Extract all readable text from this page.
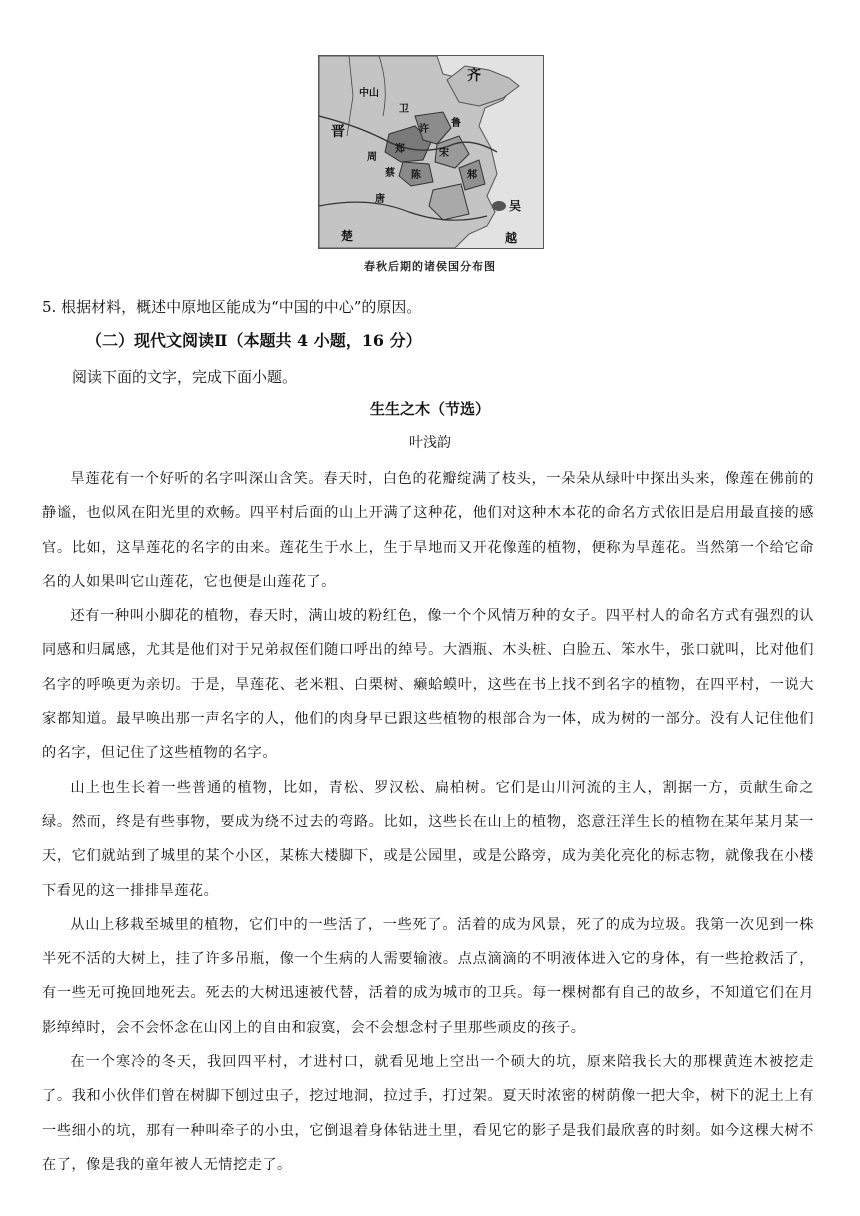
中山
齐
晋
鲁
郑	宋
陈
蔡
周
卫
许
唐
邾
吴
楚	越
春秋后期的诸侯国分布图
5. 根据材料，概述中原地区能成为“中国的中心”的原因。
（二）现代文阅读Ⅱ（本题共 4 小题，16 分）
阅读下面的文字，完成下面小题。
生生之木（节选）
叶浅韵

旱莲花有一个好听的名字叫深山含笑。春天时，白色的花瓣绽满了枝头，一朵朵从绿叶中探出头来，像莲在佛前的静谧，也似风在阳光里的欢畅。四平村后面的山上开满了这种花，他们对这种木本花的命名方式依旧是启用最直接的感官。比如，这旱莲花的名字的由来。莲花生于水上，生于旱地而又开花像莲的植物，便称为旱莲花。当然第一个给它命名的人如果叫它山莲花，它也便是山莲花了。

还有一种叫小脚花的植物，春天时，满山坡的粉红色，像一个个风情万种的女子。四平村人的命名方式有强烈的认同感和归属感，尤其是他们对于兄弟叔侄们随口呼出的绰号。大酒瓶、木头桩、白脸五、笨水牛，张口就叫，比对他们名字的呼唤更为亲切。于是，旱莲花、老米粗、白栗树、癞蛤蟆叶，这些在书上找不到名字的植物，在四平村，一说大家都知道。最早唤出那一声名字的人，他们的肉身早已跟这些植物的根部合为一体，成为树的一部分。没有人记住他们的名字，但记住了这些植物的名字。

山上也生长着一些普通的植物，比如，青松、罗汉松、扁柏树。它们是山川河流的主人，割据一方，贡献生命之绿。然而，终是有些事物，要成为绕不过去的弯路。比如，这些长在山上的植物，恣意汪洋生长的植物在某年某月某一天，它们就站到了城里的某个小区，某栋大楼脚下，或是公园里，或是公路旁，成为美化亮化的标志物，就像我在小楼下看见的这一排排旱莲花。

从山上移栽至城里的植物，它们中的一些活了，一些死了。活着的成为风景，死了的成为垃圾。我第一次见到一株半死不活的大树上，挂了许多吊瓶，像一个生病的人需要输液。点点滴滴的不明液体进入它的身体，有一些抢救活了，有一些无可挽回地死去。死去的大树迅速被代替，活着的成为城市的卫兵。每一棵树都有自己的故乡，不知道它们在月影绰绰时，会不会怀念在山冈上的自由和寂寞，会不会想念村子里那些顽皮的孩子。

在一个寒冷的冬天，我回四平村，才进村口，就看见地上空出一个硕大的坑，原来陪我长大的那棵黄连木被挖走了。我和小伙伴们曾在树脚下刨过虫子，挖过地洞，拉过手，打过架。夏天时浓密的树荫像一把大伞，树下的泥土上有一些细小的坑，那有一种叫牵子的小虫，它倒退着身体钻进土里，看见它的影子是我们最欣喜的时刻。如今这棵大树不在了，像是我的童年被人无情挖走了。
